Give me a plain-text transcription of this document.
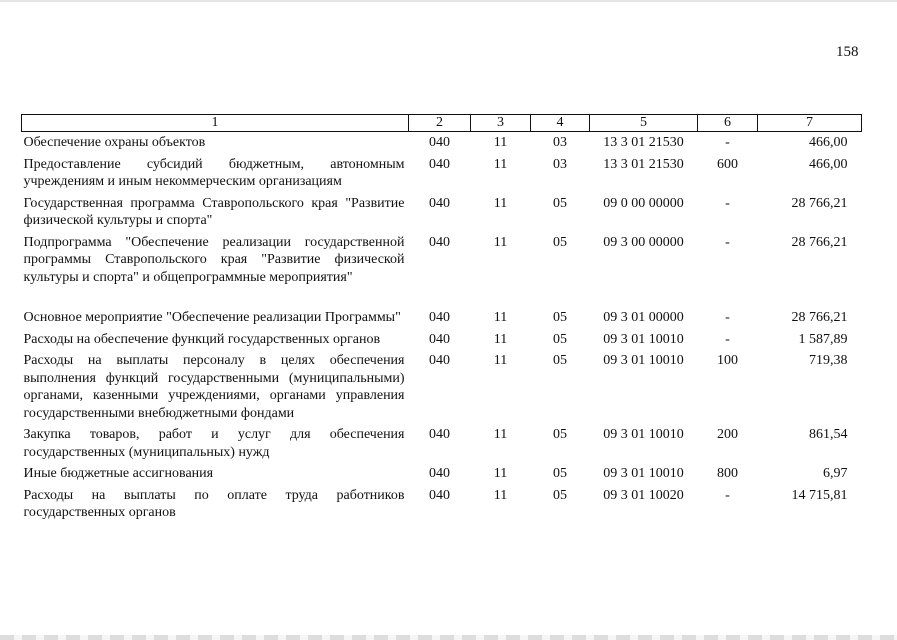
158
1	2	3	4	5	6	7
Обеспечение охраны объектов	040	11	03	13 3 01 21530	-	466,00
Предоставление субсидий бюджетным, автономным учреждениям и иным некоммерческим организациям	040	11	03	13 3 01 21530	600	466,00
Государственная программа Ставропольского края "Развитие физической культуры и спорта"	040	11	05	09 0 00 00000	-	28 766,21
Подпрограмма "Обеспечение реализации государственной программы Ставропольского края "Развитие физической культуры и спорта" и общепрограммные мероприятия"	040	11	05	09 3 00 00000	-	28 766,21
Основное мероприятие "Обеспечение реализации Программы"	040	11	05	09 3 01 00000	-	28 766,21
Расходы на обеспечение функций государственных органов	040	11	05	09 3 01 10010	-	1 587,89
Расходы на выплаты персоналу в целях обеспечения выполнения функций государственными (муниципальными) органами, казенными учреждениями, органами управления государственными внебюджетными фондами	040	11	05	09 3 01 10010	100	719,38
Закупка товаров, работ и услуг для обеспечения государственных (муниципальных) нужд	040	11	05	09 3 01 10010	200	861,54
Иные бюджетные ассигнования	040	11	05	09 3 01 10010	800	6,97
Расходы на выплаты по оплате труда работников государственных органов	040	11	05	09 3 01 10020	-	14 715,81
